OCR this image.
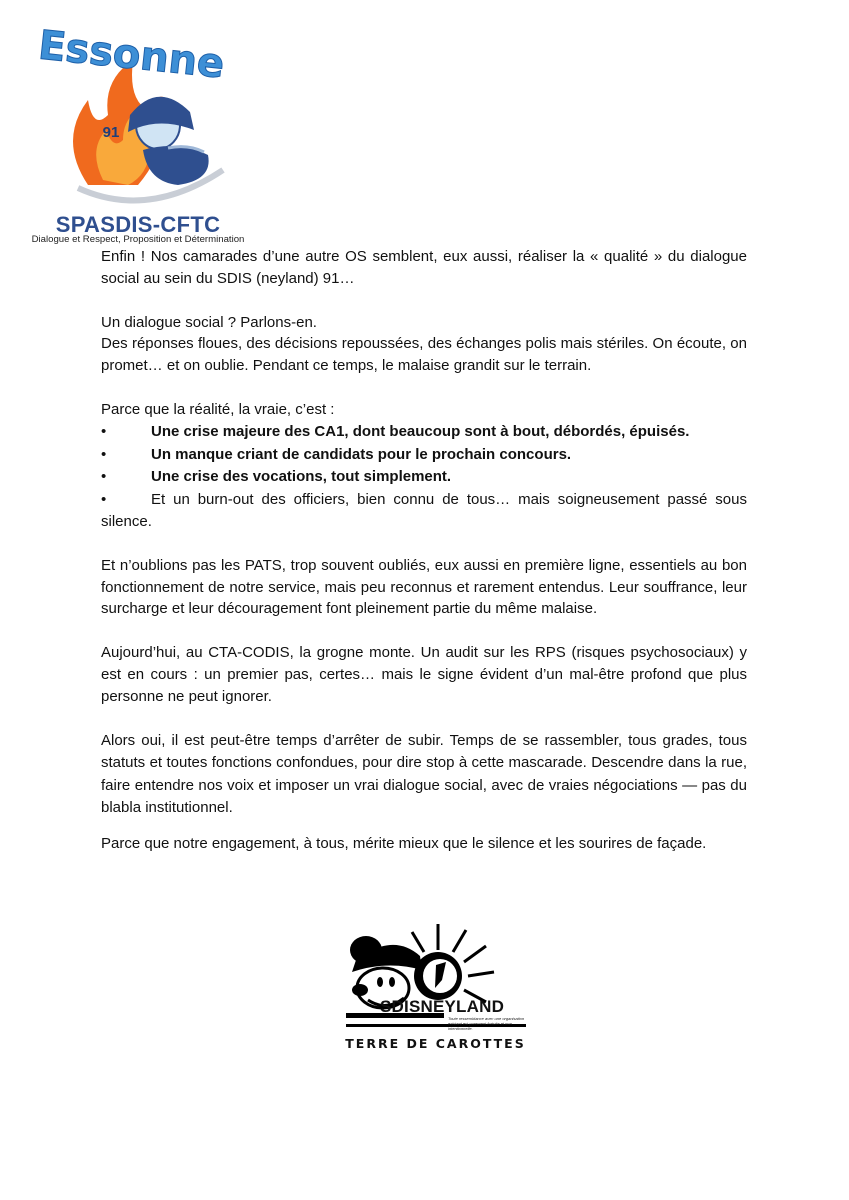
Essonne
91
SPASDIS-CFTC
Dialogue et Respect, Proposition et Détermination

Enfin ! Nos camarades d’une autre OS semblent, eux aussi, réaliser la « qualité » du dialogue social au sein du SDIS (neyland) 91…

Un dialogue social ? Parlons-en.

Des réponses floues, des décisions repoussées, des échanges polis mais stériles. On écoute, on promet… et on oublie. Pendant ce temps, le malaise grandit sur le terrain.

Parce que la réalité, la vraie, c’est :

•	Une crise majeure des CA1, dont beaucoup sont à bout, débordés, épuisés.
•	Un manque criant de candidats pour le prochain concours.
•	Une crise des vocations, tout simplement.
•	Et un burn-out des officiers, bien connu de tous… mais soigneusement passé sous silence.

Et n’oublions pas les PATS, trop souvent oubliés, eux aussi en première ligne, essentiels au bon fonctionnement de notre service, mais peu reconnus et rarement entendus. Leur souffrance, leur surcharge et leur découragement font pleinement partie du même malaise.

Aujourd’hui, au CTA-CODIS, la grogne monte. Un audit sur les RPS (risques psychosociaux) y est en cours : un premier pas, certes… mais le signe évident d’un mal-être profond que plus personne ne peut ignorer.

Alors oui, il est peut-être temps d’arrêter de subir. Temps de se rassembler, tous grades, tous statuts et toutes fonctions confondues, pour dire stop à cette mascarade. Descendre dans la rue, faire entendre nos voix et imposer un vrai dialogue social, avec de vraies négociations — pas du blabla institutionnel.

Parce que notre engagement, à tous, mérite mieux que le silence et les sourires de façade.

SDISNEYLAND
Toute ressemblance avec une organisation existant est purement fortuite et non intentionnelle.
TERRE DE CAROTTES
